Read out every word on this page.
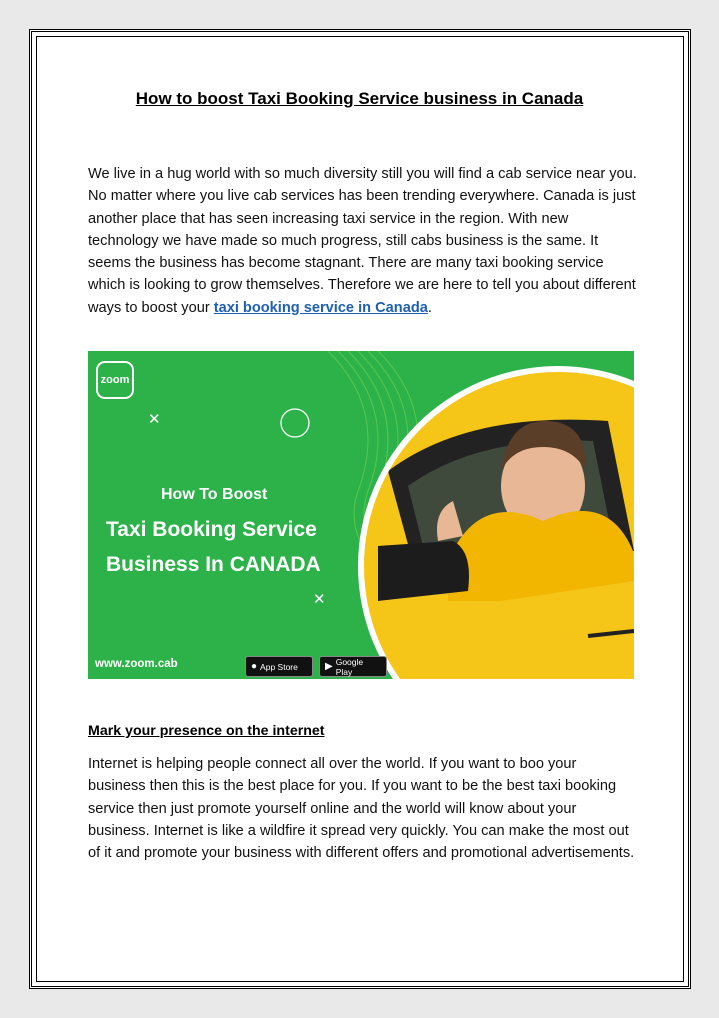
How to boost Taxi Booking Service business in Canada

We live in a hug world with so much diversity still you will find a cab service near you. No matter where you live cab services has been trending everywhere. Canada is just another place that has seen increasing taxi service in the region. With new technology we have made so much progress, still cabs business is the same. It seems the business has become stagnant. There are many taxi booking service which is looking to grow themselves. Therefore we are here to tell you about different ways to boost your taxi booking service in Canada.

zoom
✕
✕
How To Boost
Taxi Booking Service
Business In CANADA
www.zoom.cab	● App Store	▶ Google Play
Mark your presence on the internet

Internet is helping people connect all over the world. If you want to boo your business then this is the best place for you. If you want to be the best taxi booking service then just promote yourself online and the world will know about your business. Internet is like a wildfire it spread very quickly. You can make the most out of it and promote your business with different offers and promotional advertisements.
